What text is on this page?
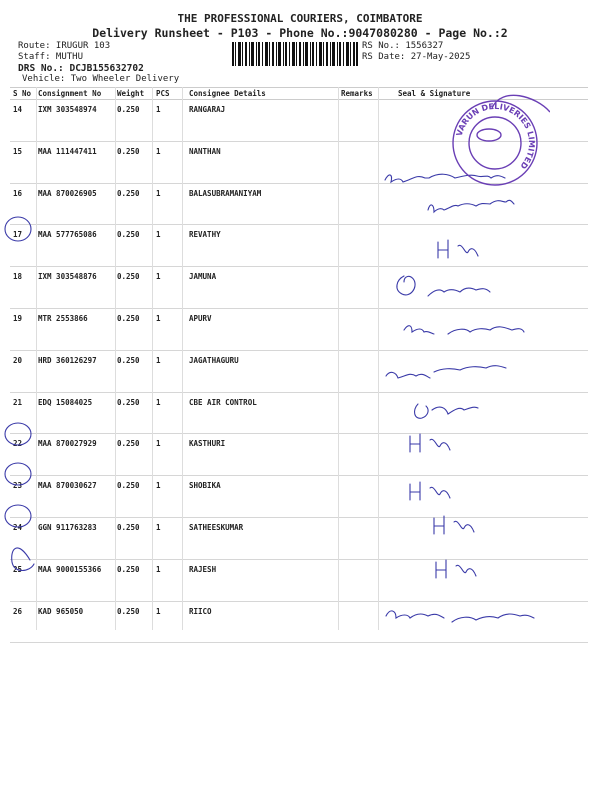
THE PROFESSIONAL COURIERS, COIMBATORE
Delivery Runsheet - P103 - Phone No.:9047080280 - Page No.:2
Route: IRUGUR 103
Staff: MUTHU
DRS No.: DCJB155632702
Vehicle: Two Wheeler Delivery
RS No.: 1556327
RS Date: 27-May-2025
S No Consignment No Weight PCS	Consignee Details	Remarks	Seal & Signature
14 IXM 303548974	0.250 1	RANGARAJ
15 MAA 111447411	0.250 1	NANTHAN
16 MAA 870026905	0.250 1	BALASUBRAMANIYAM
17 MAA 577765086	0.250 1	REVATHY
18 IXM 303548876	0.250 1	JAMUNA
19 MTR 2553866	0.250 1	APURV
20 HRD 360126297	0.250 1	JAGATHAGURU
21 EDQ 15084025	0.250 1	CBE AIR CONTROL
22 MAA 870027929	0.250 1	KASTHURI
23 MAA 870030627	0.250 1	SHOBIKA
24 GGN 911763283	0.250 1	SATHEESKUMAR
25 MAA 9000155366 0.250 1	RAJESH
26 KAD 965050	0.250 1	RIICO
VARUN DELIVERIES LIMITED
